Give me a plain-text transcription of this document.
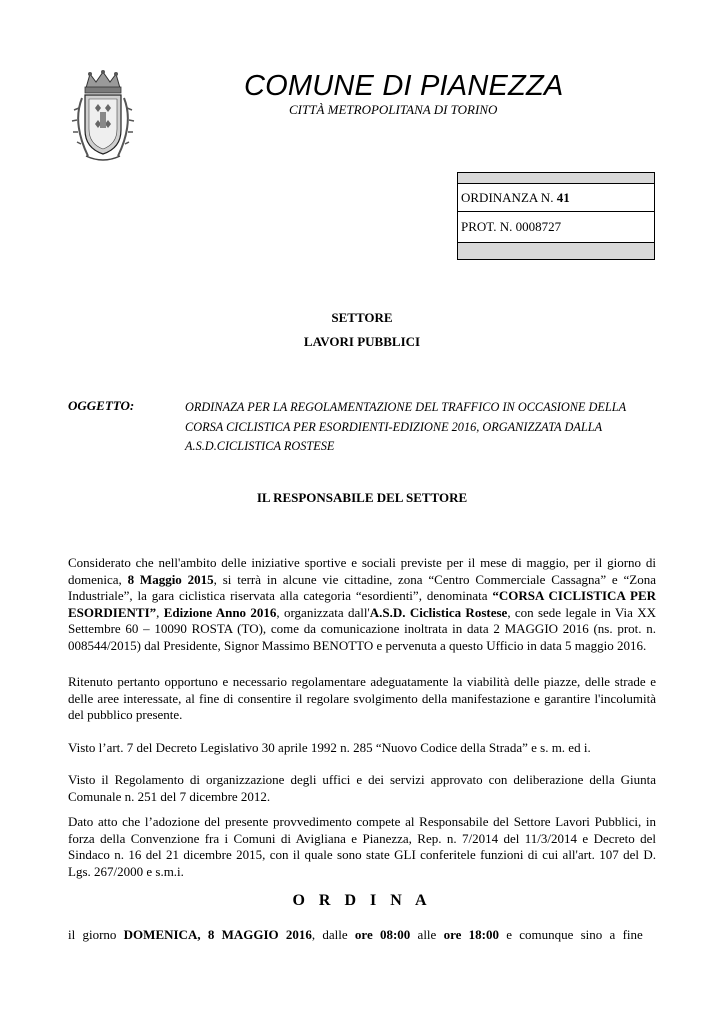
COMUNE DI PIANEZZA
CITTÀ METROPOLITANA DI TORINO
ORDINANZA N. 41
PROT. N. 0008727
SETTORE
LAVORI PUBBLICI
OGGETTO:	ORDINAZA PER LA REGOLAMENTAZIONE DEL TRAFFICO IN OCCASIONE DELLA CORSA CICLISTICA PER ESORDIENTI-EDIZIONE 2016, ORGANIZZATA DALLA A.S.D.CICLISTICA ROSTESE
IL RESPONSABILE DEL SETTORE
Considerato che nell'ambito delle iniziative sportive e sociali previste per il mese di maggio, per il giorno di domenica, 8 Maggio 2015, si terrà in alcune vie cittadine, zona “Centro Commerciale Cassagna” e “Zona Industriale”, la gara ciclistica riservata alla categoria “esordienti”, denominata “CORSA CICLISTICA PER ESORDIENTI”, Edizione Anno 2016, organizzata dall'A.S.D. Ciclistica Rostese, con sede legale in Via XX Settembre 60 – 10090 ROSTA (TO), come da comunicazione inoltrata in data 2 MAGGIO 2016 (ns. prot. n. 008544/2015) dal Presidente, Signor Massimo BENOTTO e pervenuta a questo Ufficio in data 5 maggio 2016.
Ritenuto pertanto opportuno e necessario regolamentare adeguatamente la viabilità delle piazze, delle strade e delle aree interessate, al fine di consentire il regolare svolgimento della manifestazione e garantire l'incolumità del pubblico presente.
Visto l’art. 7 del Decreto Legislativo 30 aprile 1992 n. 285 “Nuovo Codice della Strada” e s. m. ed i.
Visto il Regolamento di organizzazione degli uffici e dei servizi approvato con deliberazione della Giunta Comunale n. 251 del 7 dicembre 2012.
Dato atto che l’adozione del presente provvedimento compete al Responsabile del Settore Lavori Pubblici, in forza della Convenzione fra i Comuni di Avigliana e Pianezza, Rep. n. 7/2014 del 11/3/2014 e Decreto del Sindaco n. 16 del 21 dicembre 2015, con il quale sono state GLI conferitele funzioni di cui all'art. 107 del D. Lgs. 267/2000 e s.m.i.
O R D I N A
il giorno DOMENICA, 8 MAGGIO 2016, dalle ore 08:00 alle ore 18:00 e comunque sino a fine
